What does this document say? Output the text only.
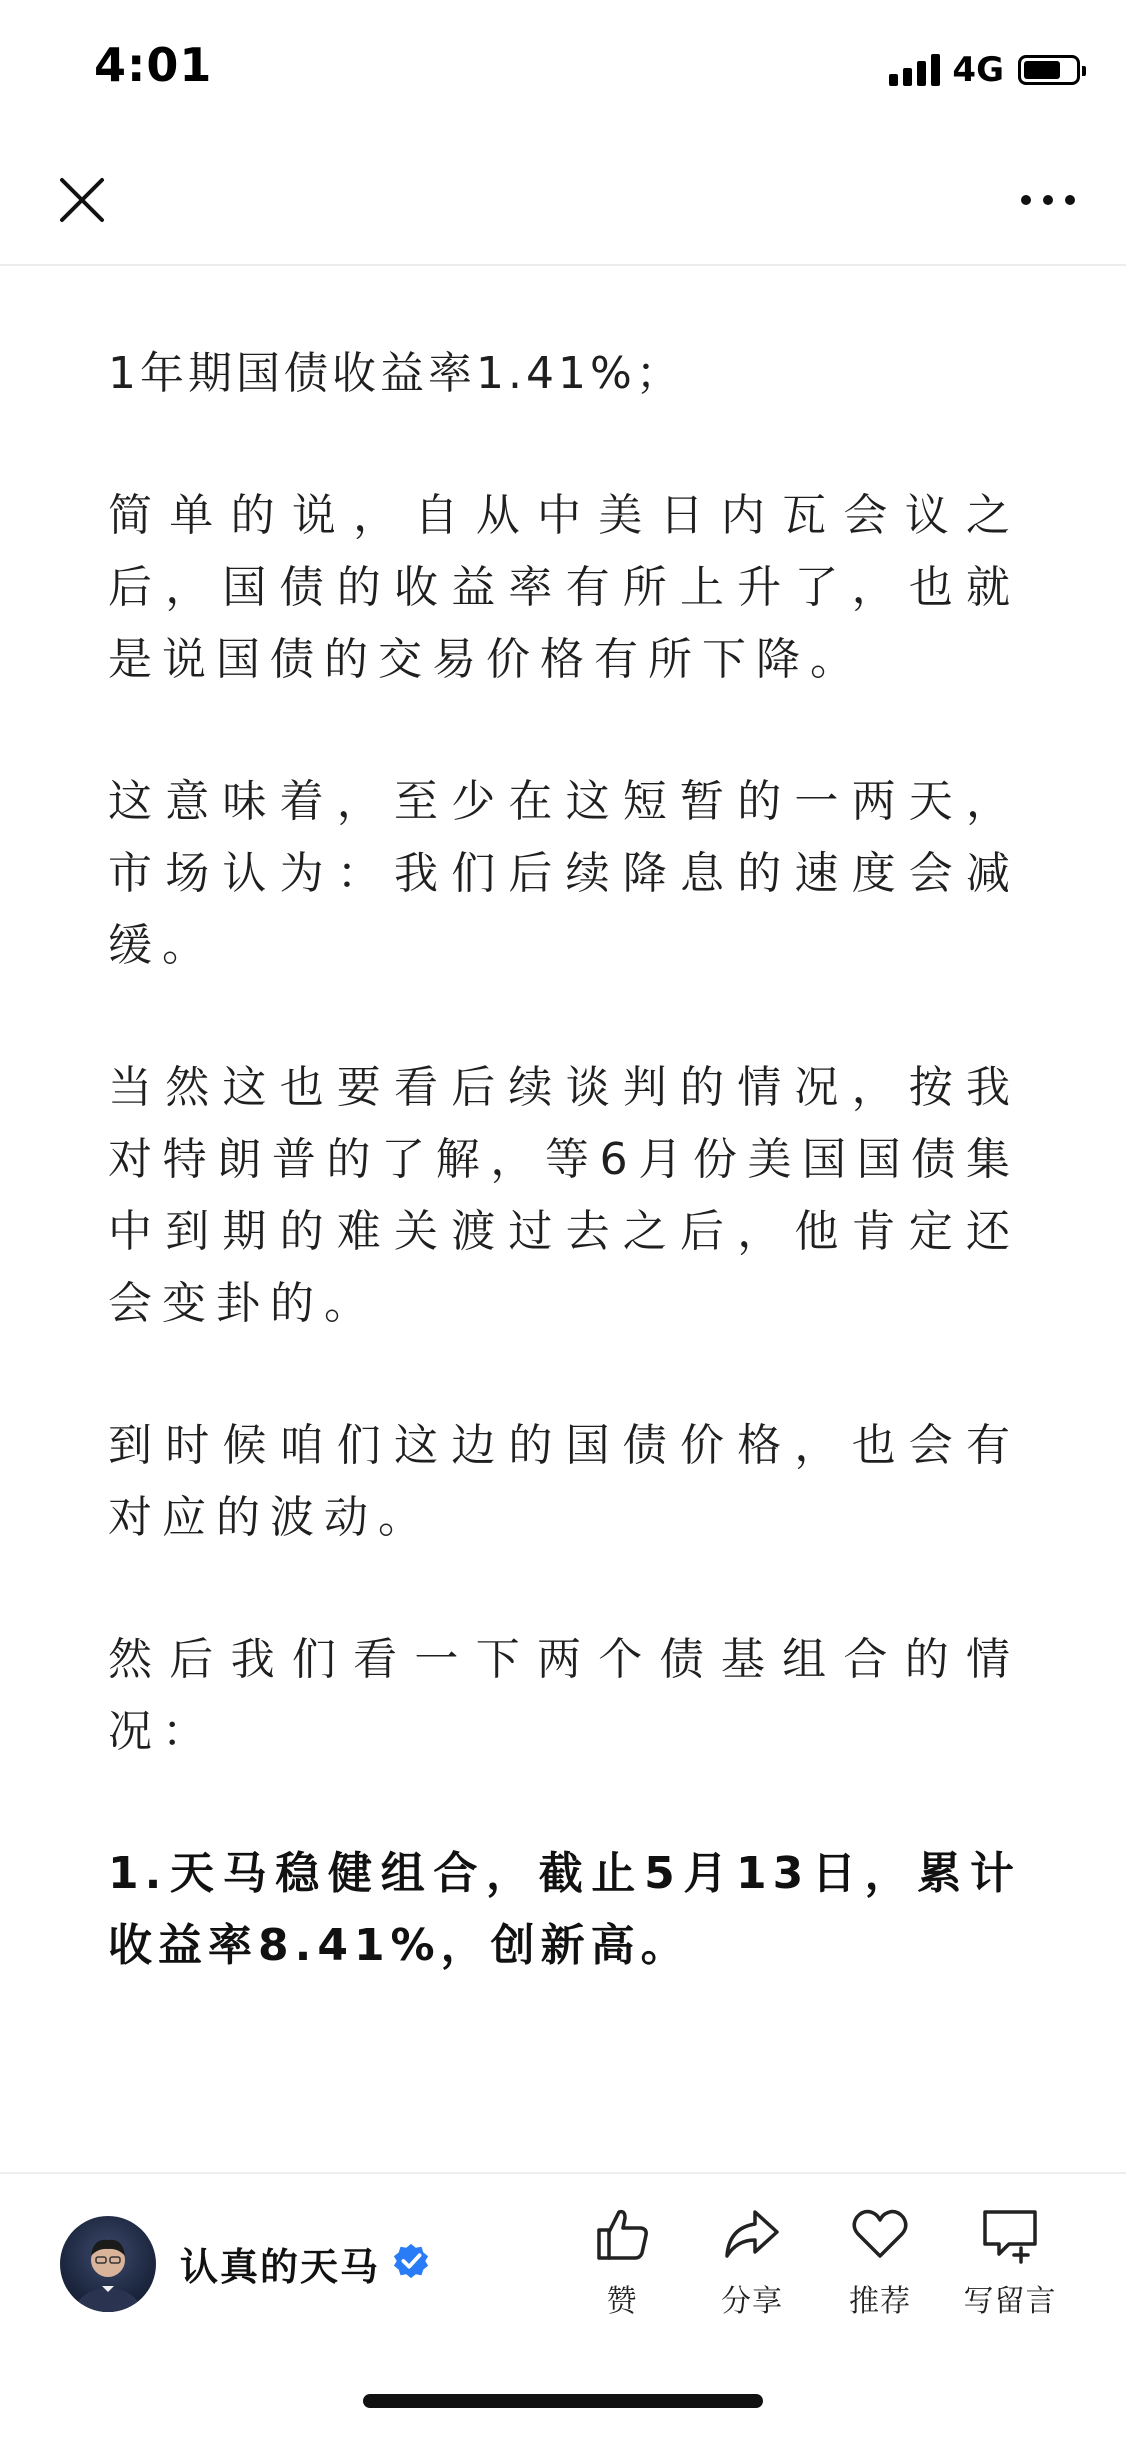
4:01	4G

1年期国债收益率1.41%；

简单的说，自从中美日内瓦会议之后，国债的收益率有所上升了，也就是说国债的交易价格有所下降。

这意味着，至少在这短暂的一两天，市场认为：我们后续降息的速度会减缓。

当然这也要看后续谈判的情况，按我对特朗普的了解，等6月份美国国债集中到期的难关渡过去之后，他肯定还会变卦的。

到时候咱们这边的国债价格，也会有对应的波动。

然后我们看一下两个债基组合的情况：

1.天马稳健组合，截止5月13日，累计收益率8.41%，创新高。

认真的天马
赞	分享	推荐	写留言
